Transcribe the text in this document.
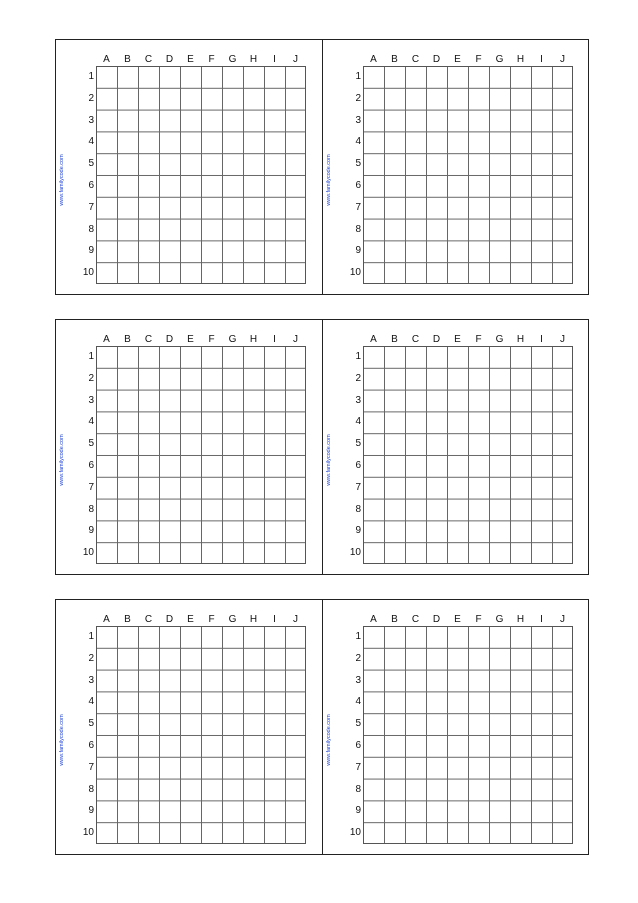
www.familycode.com
A	B	C	D	E	F	G	H	I	J
1
2
3
4
5
6
7
8
9
10
www.familycode.com
A	B	C	D	E	F	G	H	I	J
1
2
3
4
5
6
7
8
9
10
www.familycode.com
A	B	C	D	E	F	G	H	I	J
1
2
3
4
5
6
7
8
9
10
www.familycode.com
A	B	C	D	E	F	G	H	I	J
1
2
3
4
5
6
7
8
9
10
www.familycode.com
A	B	C	D	E	F	G	H	I	J
1
2
3
4
5
6
7
8
9
10
www.familycode.com
A	B	C	D	E	F	G	H	I	J
1
2
3
4
5
6
7
8
9
10
